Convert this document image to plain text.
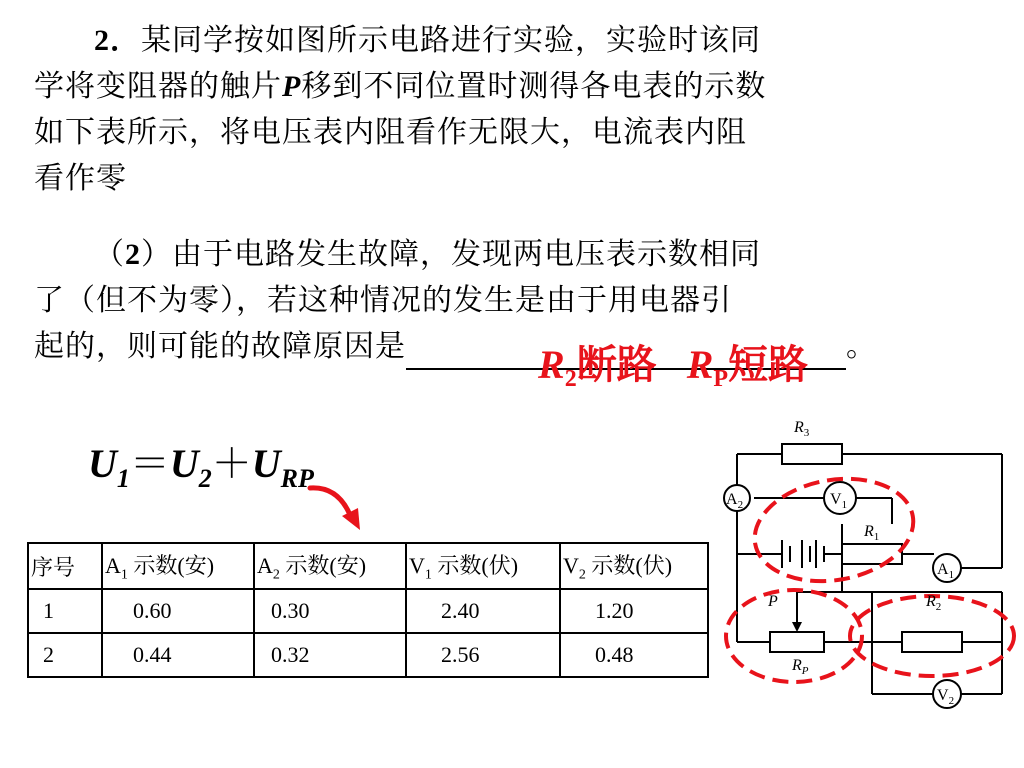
2．某同学按如图所示电路进行实验，实验时该同
学将变阻器的触片P移到不同位置时测得各电表的示数
如下表所示，将电压表内阻看作无限大，电流表内阻
看作零
（2）由于电路发生故障，发现两电压表示数相同
了（但不为零），若这种情况的发生是由于用电器引
起的，则可能的故障原因是	。
$R_2$断路 $R_P$短路
$U_1=U_2+U_{RP}$
序号	$A_1$ 示数(安)	$A_2$ 示数(安)	$V_1$ 示数(伏)	$V_2$ 示数(伏)
1	0.60	0.30	2.40	1.20
2	0.44	0.32	2.56	0.48
$R_3$
$A_2$	$V_1$
$R_1$
$A_1$
P	$R_2$
$R_P$
$V_2$
